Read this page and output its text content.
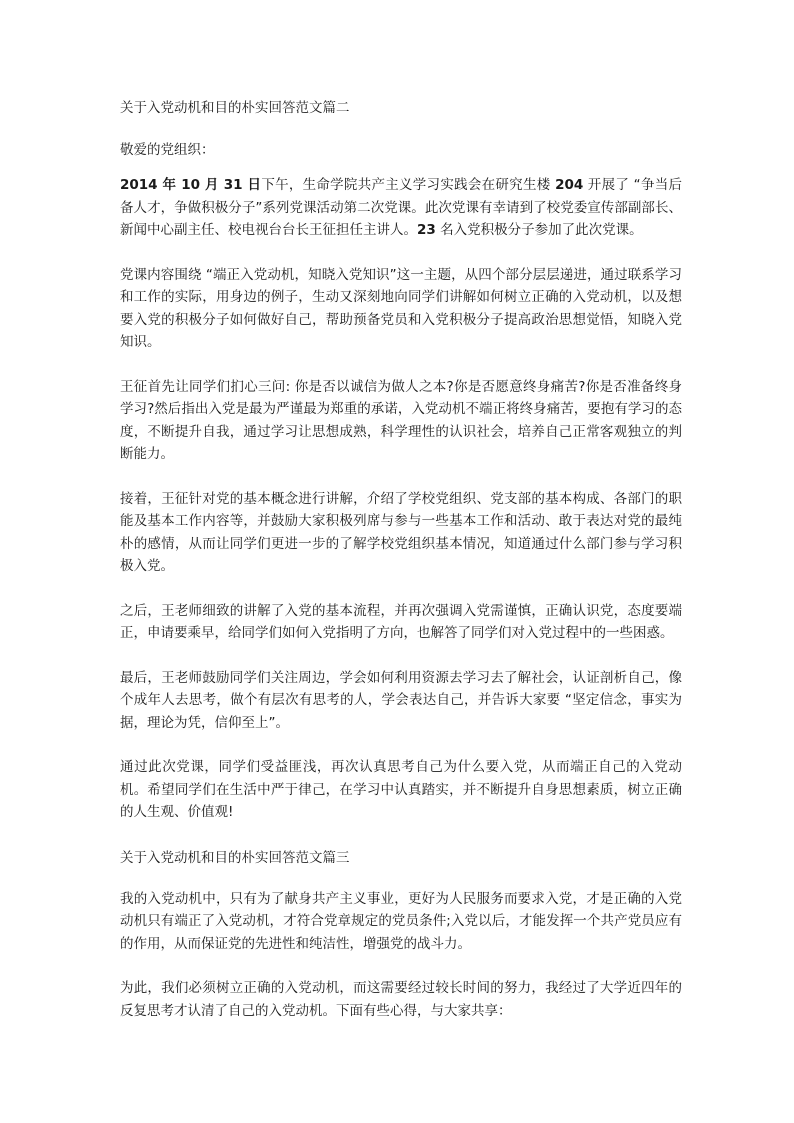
关于入党动机和目的朴实回答范文篇二
敬爱的党组织：

2014 年 10 月 31 日下午，生命学院共产主义学习实践会在研究生楼 204 开展了 “争当后备人才，争做积极分子”系列党课活动第二次党课。此次党课有幸请到了校党委宣传部副部长、新闻中心副主任、校电视台台长王征担任主讲人。23 名入党积极分子参加了此次党课。

党课内容围绕 “端正入党动机，知晓入党知识”这一主题，从四个部分层层递进，通过联系学习和工作的实际，用身边的例子，生动又深刻地向同学们讲解如何树立正确的入党动机，以及想要入党的积极分子如何做好自己，帮助预备党员和入党积极分子提高政治思想觉悟，知晓入党知识。

王征首先让同学们扪心三问: 你是否以诚信为做人之本?你是否愿意终身痛苦?你是否准备终身学习?然后指出入党是最为严谨最为郑重的承诺，入党动机不端正将终身痛苦，要抱有学习的态度，不断提升自我，通过学习让思想成熟，科学理性的认识社会，培养自己正常客观独立的判断能力。

接着，王征针对党的基本概念进行讲解，介绍了学校党组织、党支部的基本构成、各部门的职能及基本工作内容等，并鼓励大家积极列席与参与一些基本工作和活动、敢于表达对党的最纯朴的感情，从而让同学们更进一步的了解学校党组织基本情况，知道通过什么部门参与学习积极入党。

之后，王老师细致的讲解了入党的基本流程，并再次强调入党需谨慎，正确认识党，态度要端正，申请要乘早，给同学们如何入党指明了方向，也解答了同学们对入党过程中的一些困惑。

最后，王老师鼓励同学们关注周边，学会如何利用资源去学习去了解社会，认证剖析自己，像个成年人去思考，做个有层次有思考的人，学会表达自己，并告诉大家要 “坚定信念，事实为据，理论为凭，信仰至上”。

通过此次党课，同学们受益匪浅，再次认真思考自己为什么要入党，从而端正自己的入党动机。希望同学们在生活中严于律己，在学习中认真踏实，并不断提升自身思想素质，树立正确的人生观、价值观!

关于入党动机和目的朴实回答范文篇三

我的入党动机中，只有为了献身共产主义事业，更好为人民服务而要求入党，才是正确的入党动机只有端正了入党动机，才符合党章规定的党员条件;入党以后，才能发挥一个共产党员应有的作用，从而保证党的先进性和纯洁性，增强党的战斗力。

为此，我们必须树立正确的入党动机，而这需要经过较长时间的努力，我经过了大学近四年的反复思考才认清了自己的入党动机。下面有些心得，与大家共享：
